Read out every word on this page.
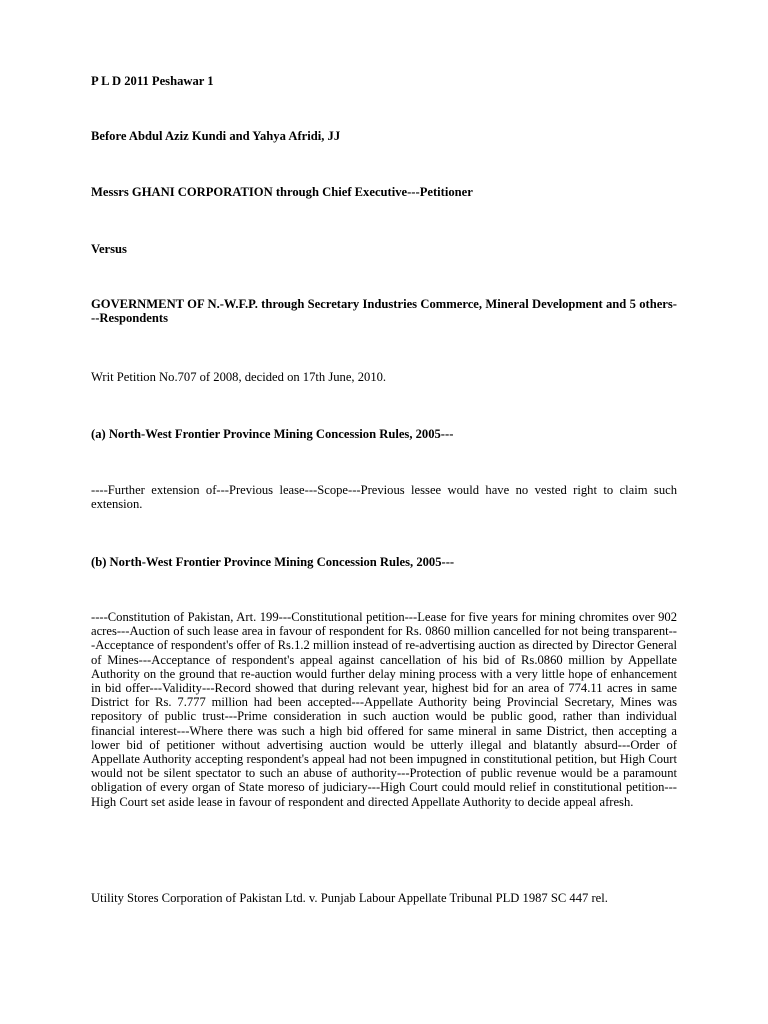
P L D 2011 Peshawar 1

Before Abdul Aziz Kundi and Yahya Afridi, JJ

Messrs GHANI CORPORATION through Chief Executive---Petitioner

Versus

GOVERNMENT OF N.-W.F.P. through Secretary Industries Commerce, Mineral Development and 5 others---Respondents

Writ Petition No.707 of 2008, decided on 17th June, 2010.

(a) North-West Frontier Province Mining Concession Rules, 2005---

----Further extension of---Previous lease---Scope---Previous lessee would have no vested right to claim such extension.

(b) North-West Frontier Province Mining Concession Rules, 2005---

----Constitution of Pakistan, Art. 199---Constitutional petition---Lease for five years for mining chromites over 902 acres---Auction of such lease area in favour of respondent for Rs. 0860 million cancelled for not being transparent---Acceptance of respondent's offer of Rs.1.2 million instead of re-advertising auction as directed by Director General of Mines---Acceptance of respondent's appeal against cancellation of his bid of Rs.0860 million by Appellate Authority on the ground that re-auction would further delay mining process with a very little hope of enhancement in bid offer---Validity---Record showed that during relevant year, highest bid for an area of 774.11 acres in same District for Rs. 7.777 million had been accepted---Appellate Authority being Provincial Secretary, Mines was repository of public trust---Prime consideration in such auction would be public good, rather than individual financial interest---Where there was such a high bid offered for same mineral in same District, then accepting a lower bid of petitioner without advertising auction would be utterly illegal and blatantly absurd---Order of Appellate Authority accepting respondent's appeal had not been impugned in constitutional petition, but High Court would not be silent spectator to such an abuse of authority---Protection of public revenue would be a paramount obligation of every organ of State moreso of judiciary---High Court could mould relief in constitutional petition---High Court set aside lease in favour of respondent and directed Appellate Authority to decide appeal afresh.

Utility Stores Corporation of Pakistan Ltd. v. Punjab Labour Appellate Tribunal PLD 1987 SC 447 rel.
